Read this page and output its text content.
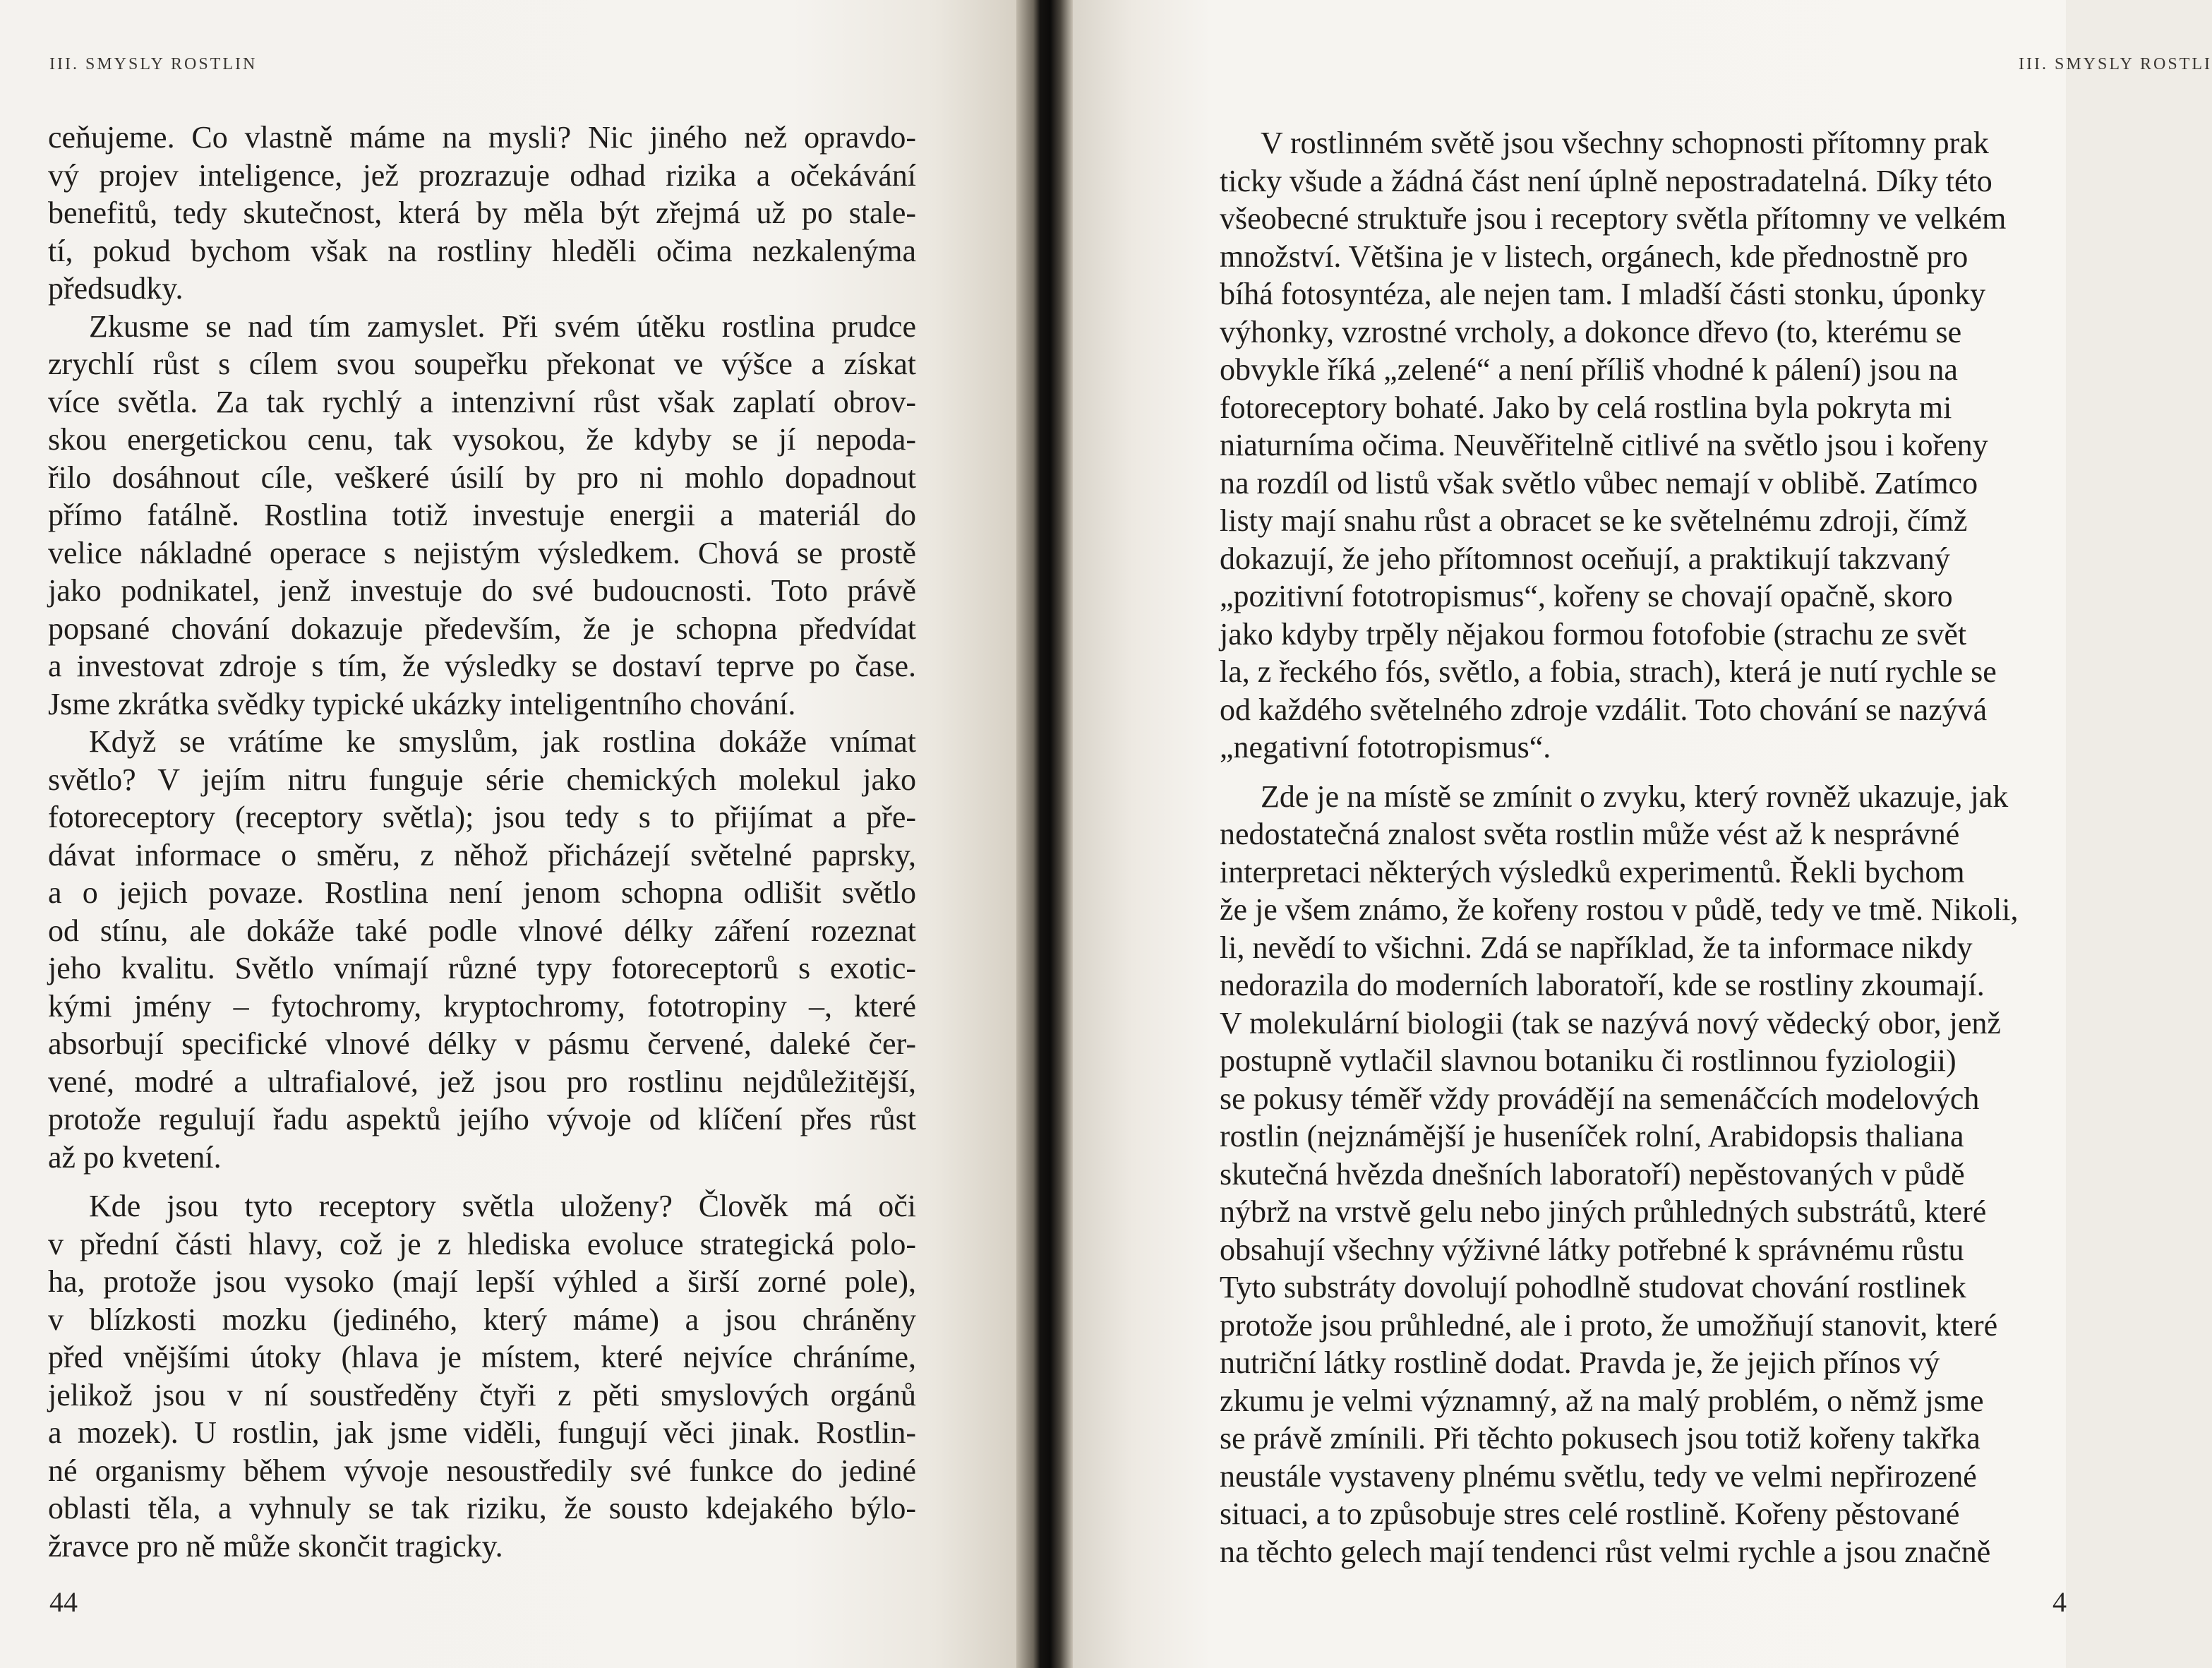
III. SMYSLY ROSTLIN
ceňujeme. Co vlastně máme na mysli? Nic jiného než opravdo-
vý projev inteligence, jež prozrazuje odhad rizika a očekávání
benefitů, tedy skutečnost, která by měla být zřejmá už po stale-
tí, pokud bychom však na rostliny hleděli očima nezkalenýma
předsudky.
Zkusme se nad tím zamyslet. Při svém útěku rostlina prudce
zrychlí růst s cílem svou soupeřku překonat ve výšce a získat
více světla. Za tak rychlý a intenzivní růst však zaplatí obrov-
skou energetickou cenu, tak vysokou, že kdyby se jí nepoda-
řilo dosáhnout cíle, veškeré úsilí by pro ni mohlo dopadnout
přímo fatálně. Rostlina totiž investuje energii a materiál do
velice nákladné operace s nejistým výsledkem. Chová se prostě
jako podnikatel, jenž investuje do své budoucnosti. Toto právě
popsané chování dokazuje především, že je schopna předvídat
a investovat zdroje s tím, že výsledky se dostaví teprve po čase.
Jsme zkrátka svědky typické ukázky inteligentního chování.
Když se vrátíme ke smyslům, jak rostlina dokáže vnímat
světlo? V jejím nitru funguje série chemických molekul jako
fotoreceptory (receptory světla); jsou tedy s to přijímat a pře-
dávat informace o směru, z něhož přicházejí světelné paprsky,
a o jejich povaze. Rostlina není jenom schopna odlišit světlo
od stínu, ale dokáže také podle vlnové délky záření rozeznat
jeho kvalitu. Světlo vnímají různé typy fotoreceptorů s exotic-
kými jmény – fytochromy, kryptochromy, fototropiny –, které
absorbují specifické vlnové délky v pásmu červené, daleké čer-
vené, modré a ultrafialové, jež jsou pro rostlinu nejdůležitější,
protože regulují řadu aspektů jejího vývoje od klíčení přes růst
až po kvetení.
Kde jsou tyto receptory světla uloženy? Člověk má oči
v přední části hlavy, což je z hlediska evoluce strategická polo-
ha, protože jsou vysoko (mají lepší výhled a širší zorné pole),
v blízkosti mozku (jediného, který máme) a jsou chráněny
před vnějšími útoky (hlava je místem, které nejvíce chráníme,
jelikož jsou v ní soustředěny čtyři z pěti smyslových orgánů
a mozek). U rostlin, jak jsme viděli, fungují věci jinak. Rostlin-
né organismy během vývoje nesoustředily své funkce do jediné
oblasti těla, a vyhnuly se tak riziku, že sousto kdejakého býlo-
žravce pro ně může skončit tragicky.
44
III. SMYSLY ROSTLI
V rostlinném světě jsou všechny schopnosti přítomny prak
ticky všude a žádná část není úplně nepostradatelná. Díky této
všeobecné struktuře jsou i receptory světla přítomny ve velkém
množství. Většina je v listech, orgánech, kde přednostně pro
bíhá fotosyntéza, ale nejen tam. I mladší části stonku, úponky
výhonky, vzrostné vrcholy, a dokonce dřevo (to, kterému se
obvykle říká „zelené“ a není příliš vhodné k pálení) jsou na
fotoreceptory bohaté. Jako by celá rostlina byla pokryta mi
niaturníma očima. Neuvěřitelně citlivé na světlo jsou i kořeny
na rozdíl od listů však světlo vůbec nemají v oblibě. Zatímco
listy mají snahu růst a obracet se ke světelnému zdroji, čímž
dokazují, že jeho přítomnost oceňují, a praktikují takzvaný
„pozitivní fototropismus“, kořeny se chovají opačně, skoro
jako kdyby trpěly nějakou formou fotofobie (strachu ze svět
la, z řeckého fós, světlo, a fobia, strach), která je nutí rychle se
od každého světelného zdroje vzdálit. Toto chování se nazývá
„negativní fototropismus“.
Zde je na místě se zmínit o zvyku, který rovněž ukazuje, jak
nedostatečná znalost světa rostlin může vést až k nesprávné
interpretaci některých výsledků experimentů. Řekli bychom
že je všem známo, že kořeny rostou v půdě, tedy ve tmě. Nikoli,
li, nevědí to všichni. Zdá se například, že ta informace nikdy
nedorazila do moderních laboratoří, kde se rostliny zkoumají.
V molekulární biologii (tak se nazývá nový vědecký obor, jenž
postupně vytlačil slavnou botaniku či rostlinnou fyziologii)
se pokusy téměř vždy provádějí na semenáčcích modelových
rostlin (nejznámější je huseníček rolní, Arabidopsis thaliana
skutečná hvězda dnešních laboratoří) nepěstovaných v půdě
nýbrž na vrstvě gelu nebo jiných průhledných substrátů, které
obsahují všechny výživné látky potřebné k správnému růstu
Tyto substráty dovolují pohodlně studovat chování rostlinek
protože jsou průhledné, ale i proto, že umožňují stanovit, které
nutriční látky rostlině dodat. Pravda je, že jejich přínos vý
zkumu je velmi významný, až na malý problém, o němž jsme
se právě zmínili. Při těchto pokusech jsou totiž kořeny takřka
neustále vystaveny plnému světlu, tedy ve velmi nepřirozené
situaci, a to způsobuje stres celé rostlině. Kořeny pěstované
na těchto gelech mají tendenci růst velmi rychle a jsou značně
4
